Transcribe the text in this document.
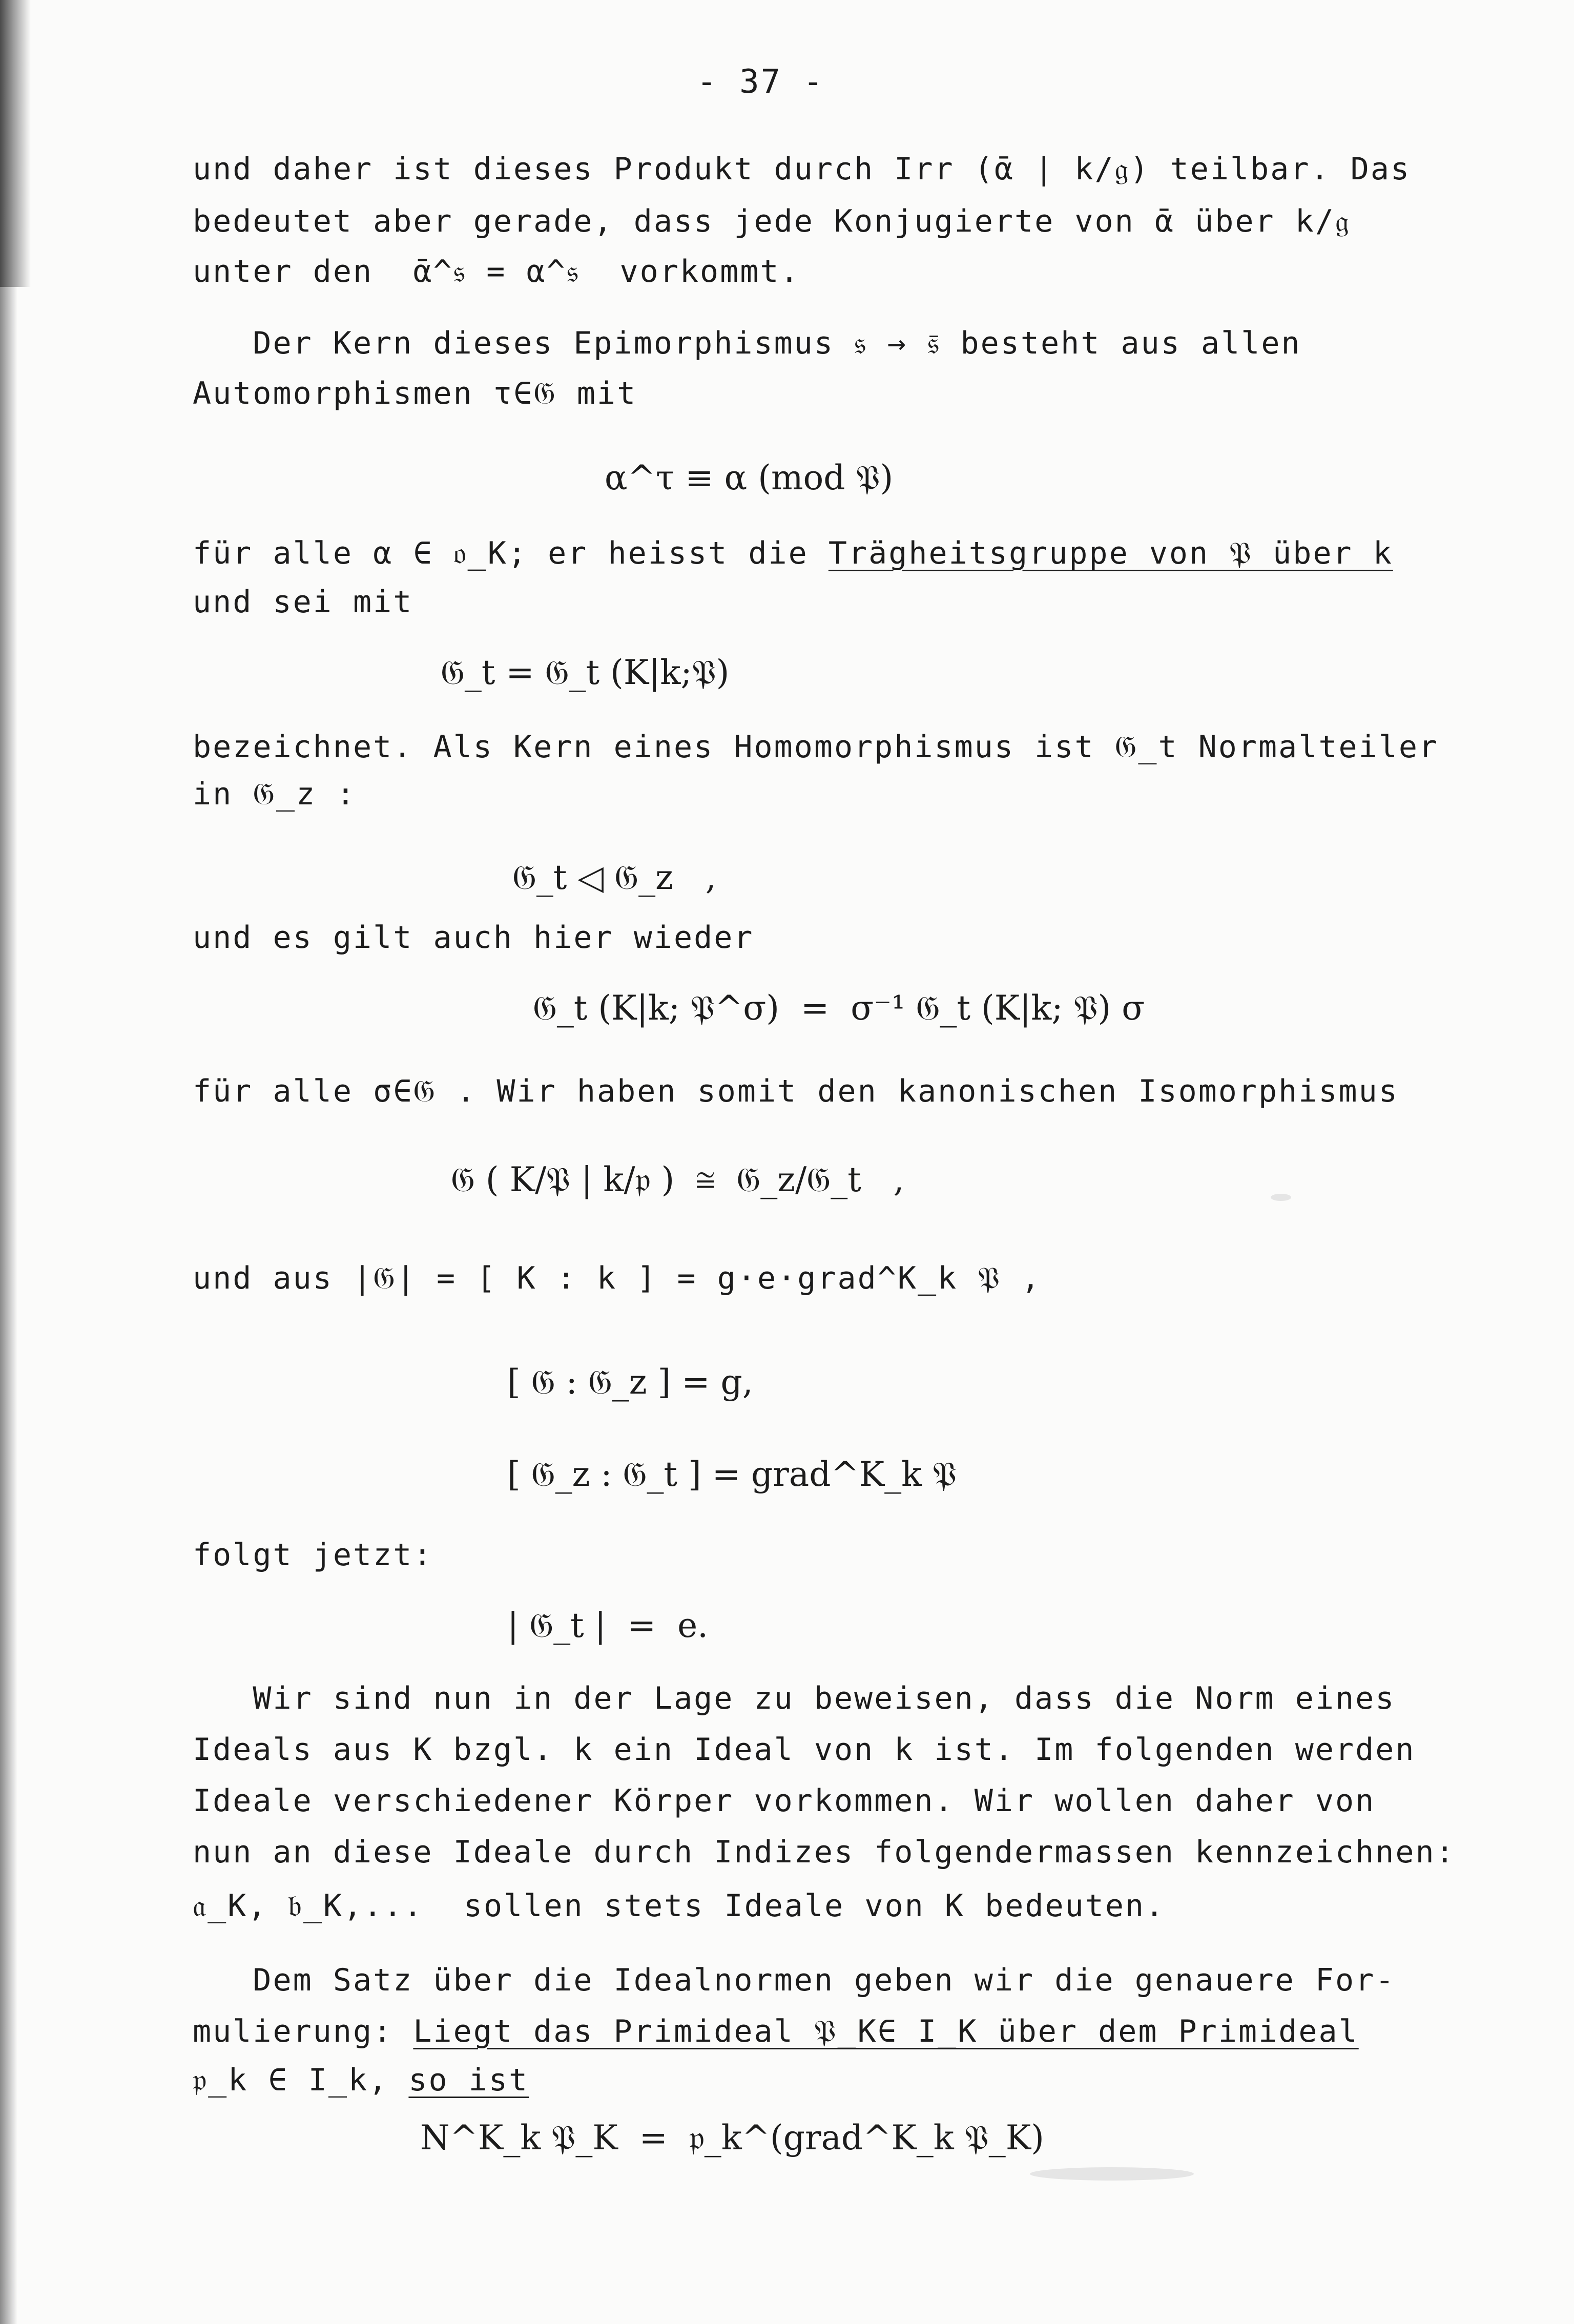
- 37 -

und daher ist dieses Produkt durch Irr (ᾱ | k/𝔤) teilbar. Das

bedeutet aber gerade, dass jede Konjugierte von ᾱ über k/𝔤

unter den  ᾱ^𝔰 = α^𝔰  vorkommt.

Der Kern dieses Epimorphismus 𝔰 → 𝔰̄ besteht aus allen

Automorphismen τ∈𝔊 mit

α^τ ≡ α (mod 𝔓)

für alle α ∈ 𝔬_K; er heisst die Trägheitsgruppe von 𝔓 über k

und sei mit

𝔊_t = 𝔊_t (K|k;𝔓)

bezeichnet. Als Kern eines Homomorphismus ist 𝔊_t Normalteiler

in 𝔊_z :

𝔊_t ◁ 𝔊_z   ,

und es gilt auch hier wieder

𝔊_t (K|k; 𝔓^σ)  =  σ⁻¹ 𝔊_t (K|k; 𝔓) σ

für alle σ∈𝔊 . Wir haben somit den kanonischen Isomorphismus

𝔊 ( K/𝔓 | k/𝔭 )  ≅  𝔊_z/𝔊_t   ,

und aus |𝔊| = [ K : k ] = g·e·grad^K_k 𝔓 ,

[ 𝔊 : 𝔊_z ] = g,

[ 𝔊_z : 𝔊_t ] = grad^K_k 𝔓

folgt jetzt:

| 𝔊_t |  =  e.

Wir sind nun in der Lage zu beweisen, dass die Norm eines

Ideals aus K bzgl. k ein Ideal von k ist. Im folgenden werden

Ideale verschiedener Körper vorkommen. Wir wollen daher von

nun an diese Ideale durch Indizes folgendermassen kennzeichnen:

𝔞_K, 𝔟_K,...  sollen stets Ideale von K bedeuten.

Dem Satz über die Idealnormen geben wir die genauere For-

mulierung: Liegt das Primideal 𝔓_K∈ I_K über dem Primideal

𝔭_k ∈ I_k, so ist

N^K_k 𝔓_K  =  𝔭_k^(grad^K_k 𝔓_K)
